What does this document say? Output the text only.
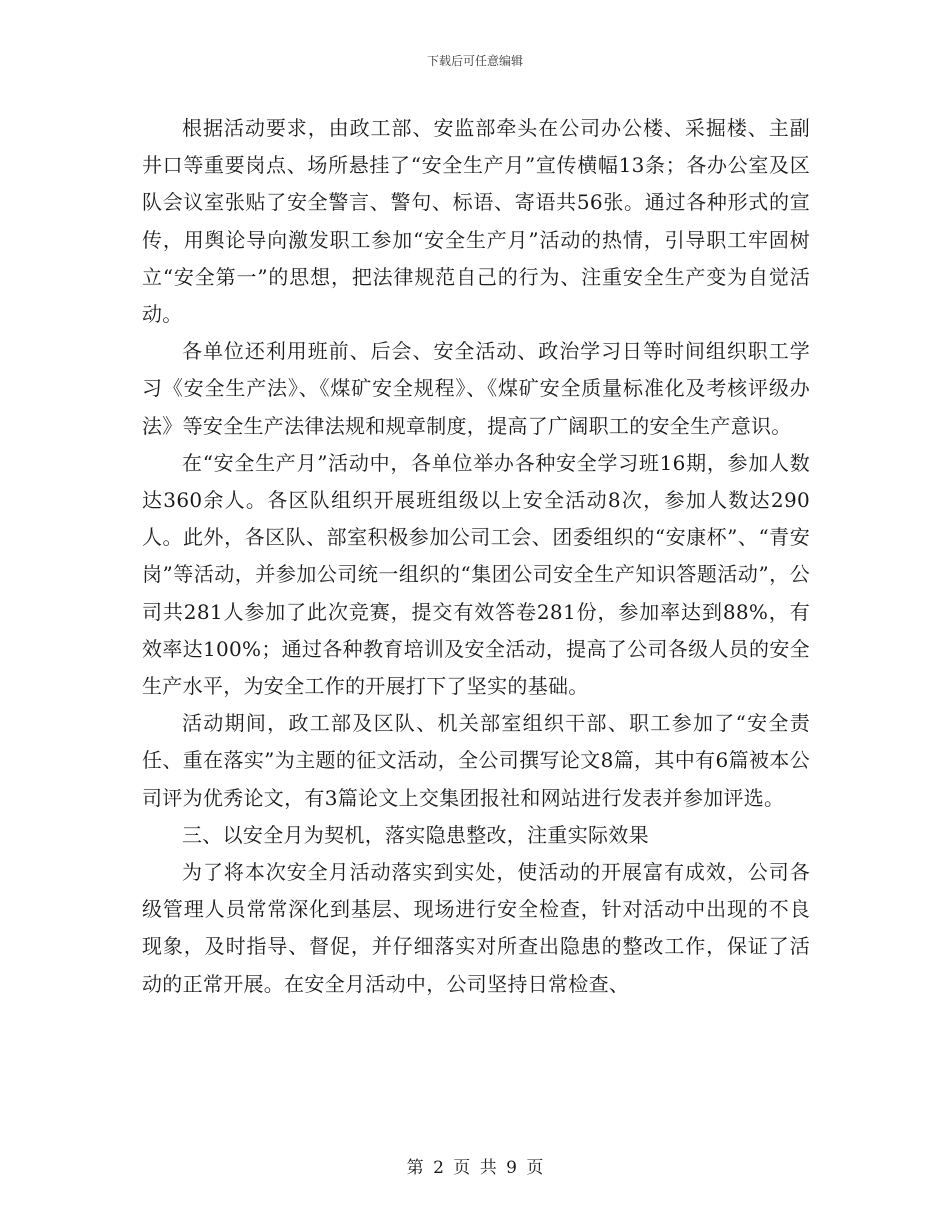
下载后可任意编辑

根据活动要求，由政工部、安监部牵头在公司办公楼、采掘楼、主副井口等重要岗点、场所悬挂了“安全生产月”宣传横幅13条；各办公室及区队会议室张贴了安全警言、警句、标语、寄语共56张。通过各种形式的宣传，用舆论导向激发职工参加“安全生产月”活动的热情，引导职工牢固树立“安全第一”的思想，把法律规范自己的行为、注重安全生产变为自觉活动。

各单位还利用班前、后会、安全活动、政治学习日等时间组织职工学习《安全生产法》、《煤矿安全规程》、《煤矿安全质量标准化及考核评级办法》等安全生产法律法规和规章制度，提高了广阔职工的安全生产意识。

在“安全生产月”活动中，各单位举办各种安全学习班16期，参加人数达360余人。各区队组织开展班组级以上安全活动8次，参加人数达290人。此外，各区队、部室积极参加公司工会、团委组织的“安康杯”、“青安岗”等活动，并参加公司统一组织的“集团公司安全生产知识答题活动”，公司共281人参加了此次竞赛，提交有效答卷281份，参加率达到88%，有效率达100%；通过各种教育培训及安全活动，提高了公司各级人员的安全生产水平，为安全工作的开展打下了坚实的基础。

活动期间，政工部及区队、机关部室组织干部、职工参加了“安全责任、重在落实”为主题的征文活动，全公司撰写论文8篇，其中有6篇被本公司评为优秀论文，有3篇论文上交集团报社和网站进行发表并参加评选。

三、以安全月为契机，落实隐患整改，注重实际效果

为了将本次安全月活动落实到实处，使活动的开展富有成效，公司各级管理人员常常深化到基层、现场进行安全检查，针对活动中出现的不良现象，及时指导、督促，并仔细落实对所查出隐患的整改工作，保证了活动的正常开展。在安全月活动中，公司坚持日常检查、

第 2 页 共 9 页
